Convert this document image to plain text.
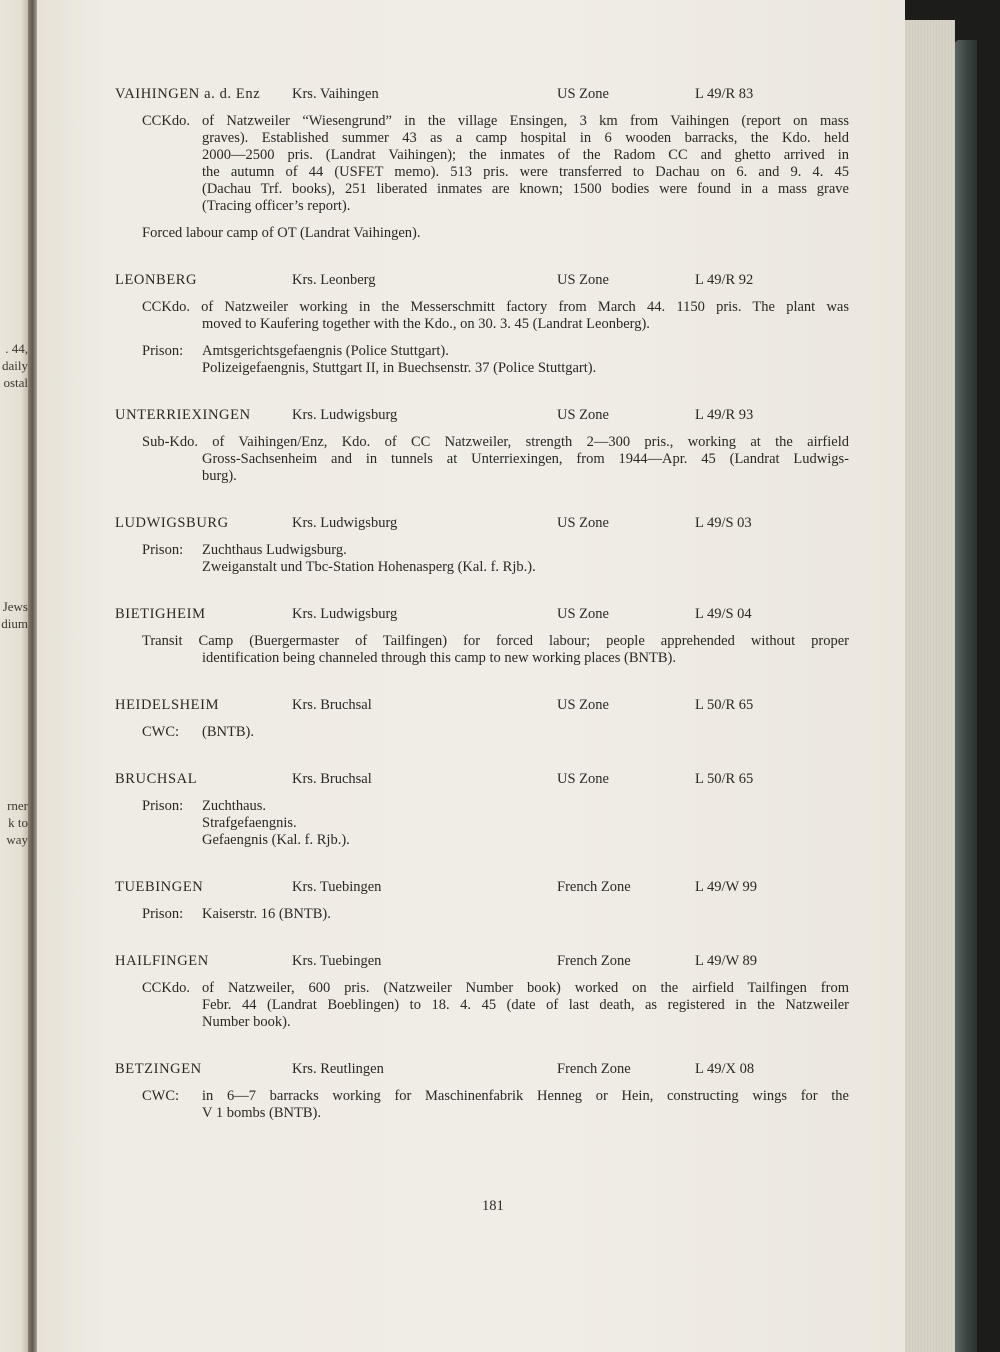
. 44,
daily
ostal
Jews
dium
rner
k to
way
VAIHINGEN a. d. Enz Krs. Vaihingen	US Zone	L 49/R 83
CCKdo. of Natzweiler “Wiesengrund” in the village Ensingen, 3 km from Vaihingen (report on mass
graves). Established summer 43 as a camp hospital in 6 wooden barracks, the Kdo. held
2000—2500 pris. (Landrat Vaihingen); the inmates of the Radom CC and ghetto arrived in
the autumn of 44 (USFET memo). 513 pris. were transferred to Dachau on 6. and 9. 4. 45
(Dachau Trf. books), 251 liberated inmates are known; 1500 bodies were found in a mass grave
(Tracing officer’s report).
Forced labour camp of OT (Landrat Vaihingen).
LEONBERG	Krs. Leonberg	US Zone	L 49/R 92
CCKdo. of Natzweiler working in the Messerschmitt factory from March 44. 1150 pris. The plant was
moved to Kaufering together with the Kdo., on 30. 3. 45 (Landrat Leonberg).
Prison: Amtsgerichtsgefaengnis (Police Stuttgart).
Polizeigefaengnis, Stuttgart II, in Buechsenstr. 37 (Police Stuttgart).
UNTERRIEXINGEN	Krs. Ludwigsburg	US Zone	L 49/R 93
Sub-Kdo. of Vaihingen/Enz, Kdo. of CC Natzweiler, strength 2—300 pris., working at the airfield
Gross-Sachsenheim and in tunnels at Unterriexingen, from 1944—Apr. 45 (Landrat Ludwigs-
burg).
LUDWIGSBURG	Krs. Ludwigsburg	US Zone	L 49/S 03
Prison: Zuchthaus Ludwigsburg.
Zweiganstalt und Tbc-Station Hohenasperg (Kal. f. Rjb.).
BIETIGHEIM	Krs. Ludwigsburg	US Zone	L 49/S 04
Transit Camp (Buergermaster of Tailfingen) for forced labour; people apprehended without proper
identification being channeled through this camp to new working places (BNTB).
HEIDELSHEIM	Krs. Bruchsal	US Zone	L 50/R 65
CWC: (BNTB).
BRUCHSAL	Krs. Bruchsal	US Zone	L 50/R 65
Prison: Zuchthaus.
Strafgefaengnis.
Gefaengnis (Kal. f. Rjb.).
TUEBINGEN	Krs. Tuebingen	French Zone	L 49/W 99
Prison: Kaiserstr. 16 (BNTB).
HAILFINGEN	Krs. Tuebingen	French Zone	L 49/W 89
CCKdo. of Natzweiler, 600 pris. (Natzweiler Number book) worked on the airfield Tailfingen from
Febr. 44 (Landrat Boeblingen) to 18. 4. 45 (date of last death, as registered in the Natzweiler
Number book).
BETZINGEN	Krs. Reutlingen	French Zone	L 49/X 08
CWC: in 6—7 barracks working for Maschinenfabrik Henneg or Hein, constructing wings for the
V 1 bombs (BNTB).
181
